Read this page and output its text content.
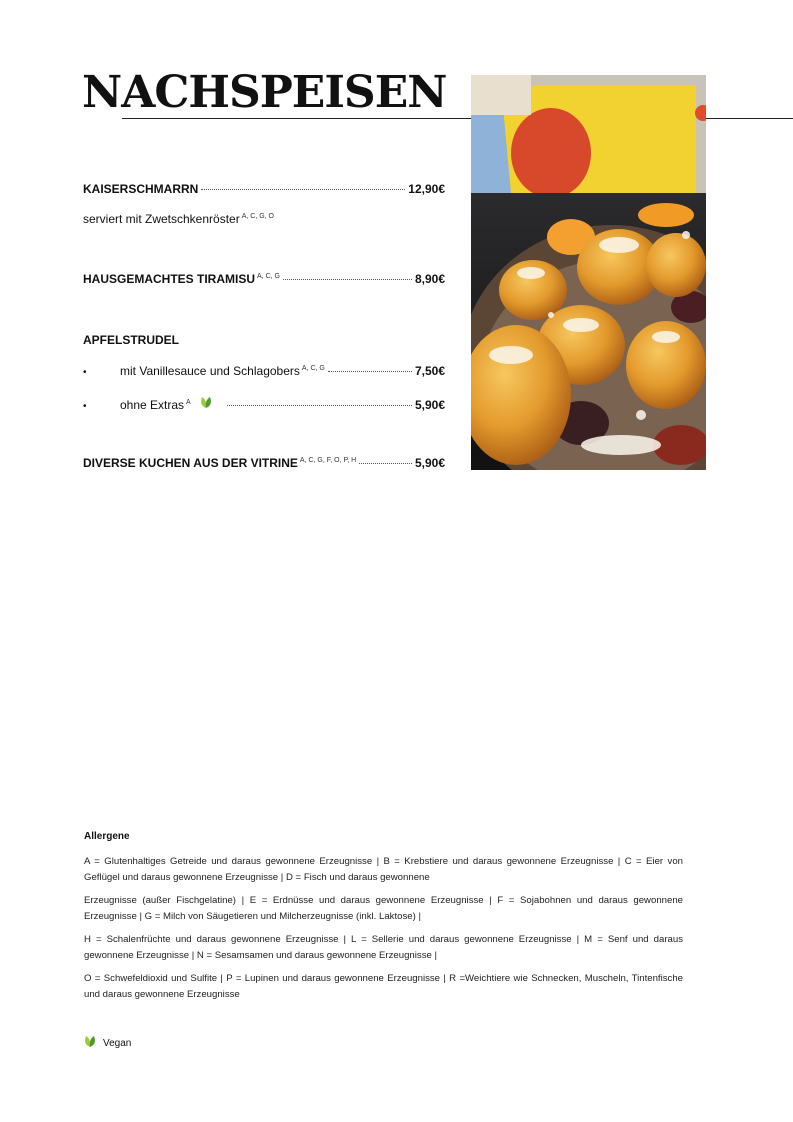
NACHSPEISEN
KAISERSCHMARRN	12,90€
serviert mit Zwetschkenröster $^{A, C, G, O}$
HAUSGEMACHTES TIRAMISU $^{A, C, G}$	8,90€
APFELSTRUDEL
•	mit Vanillesauce und Schlagobers $^{A, C, G}$	7,50€
•	ohne Extras $^A$	5,90€
DIVERSE KUCHEN AUS DER VITRINE $^{A, C, G, F, O, P, H}$	5,90€
Allergene

A = Glutenhaltiges Getreide und daraus gewonnene Erzeugnisse | B = Krebstiere und daraus gewonnene Erzeugnisse | C = Eier von Geflügel und daraus gewonnene Erzeugnisse | D = Fisch und daraus gewonnene

Erzeugnisse (außer Fischgelatine) | E = Erdnüsse und daraus gewonnene Erzeugnisse | F = Sojabohnen und daraus gewonnene Erzeugnisse | G = Milch von Säugetieren und Milcherzeugnisse (inkl. Laktose) |

H = Schalenfrüchte und daraus gewonnene Erzeugnisse | L = Sellerie und daraus gewonnene Erzeugnisse | M = Senf und daraus gewonnene Erzeugnisse | N = Sesamsamen und daraus gewonnene Erzeugnisse |

O = Schwefeldioxid und Sulfite | P = Lupinen und daraus gewonnene Erzeugnisse | R =Weichtiere wie Schnecken, Muscheln, Tintenfische und daraus gewonnene Erzeugnisse

Vegan
